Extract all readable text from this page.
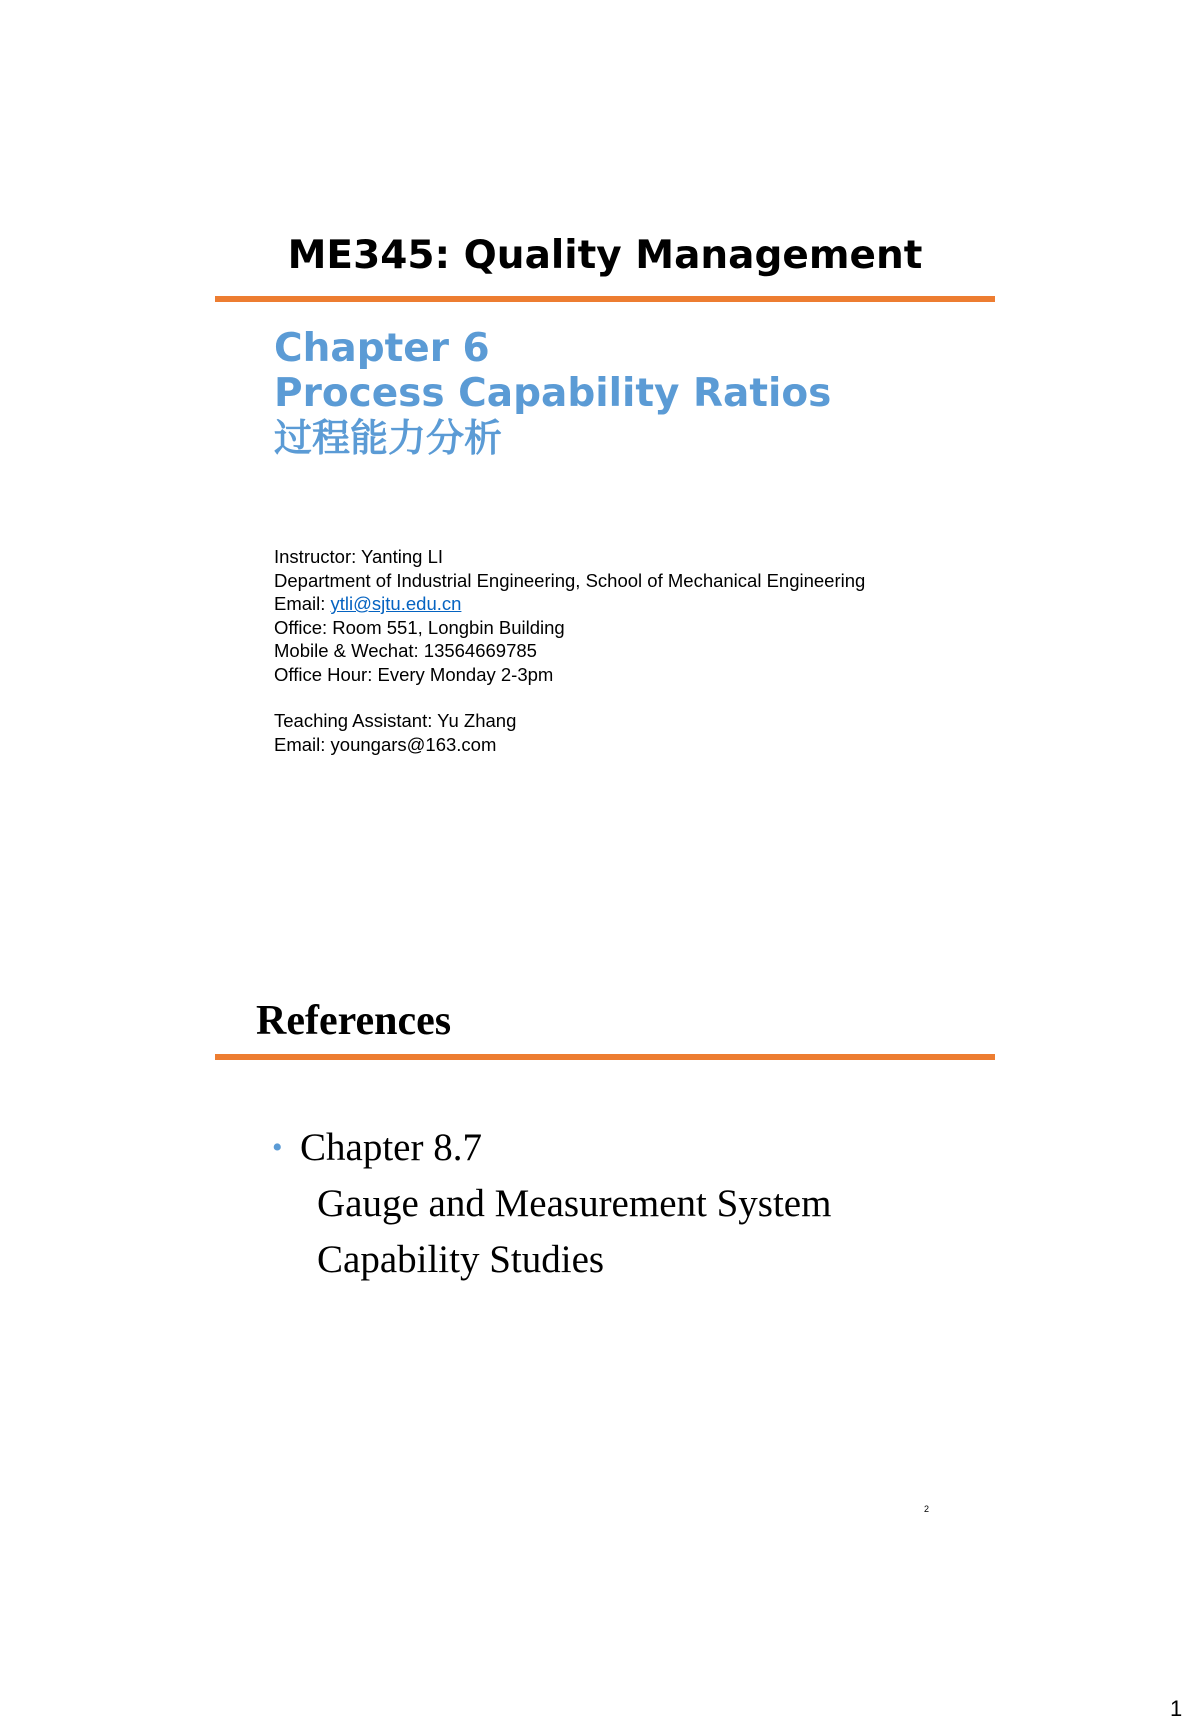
ME345: Quality Management
Chapter 6
Process Capability Ratios
过程能力分析
Instructor: Yanting LI
Department of Industrial Engineering, School of Mechanical Engineering
Email: ytli@sjtu.edu.cn
Office: Room 551, Longbin Building
Mobile & Wechat: 13564669785
Office Hour: Every Monday 2-3pm
Teaching Assistant: Yu Zhang
Email: youngars@163.com
References
• Chapter 8.7
Gauge and Measurement System
Capability Studies
2
1
